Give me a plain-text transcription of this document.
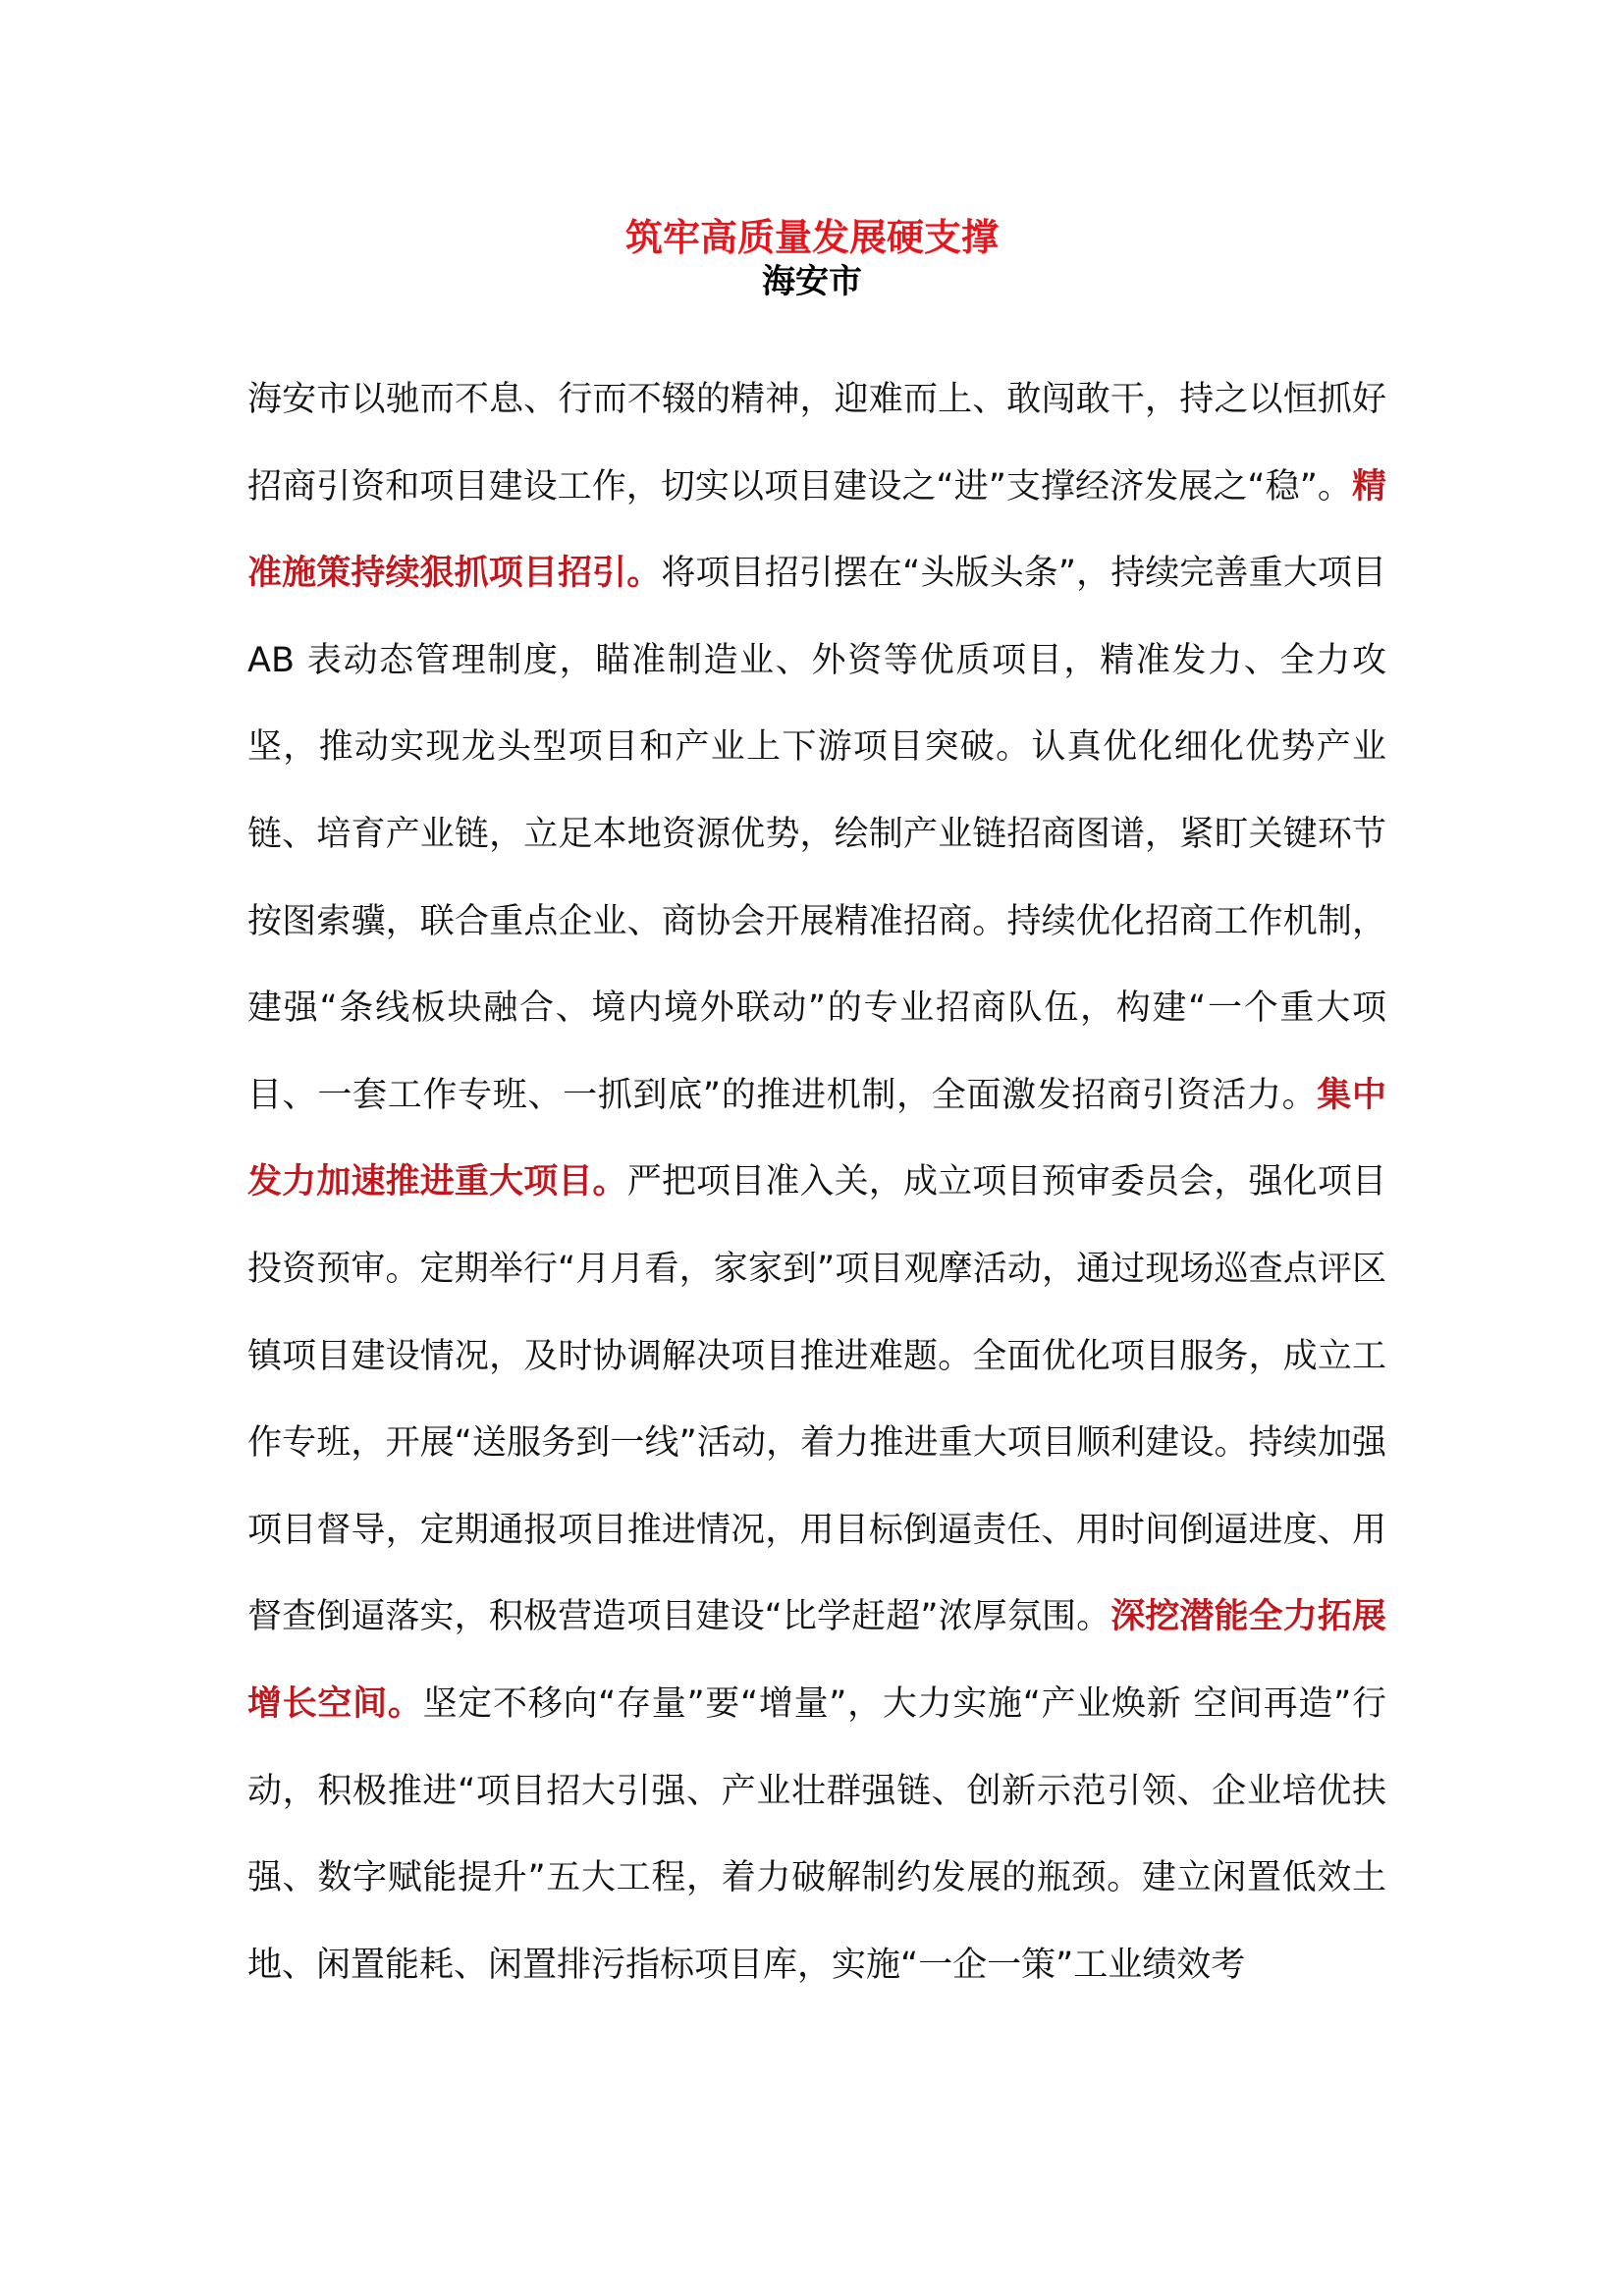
筑牢高质量发展硬支撑
海安市

海安市以驰而不息、行而不辍的精神，迎难而上、敢闯敢干，持之以恒抓好招商引资和项目建设工作，切实以项目建设之“进”支撑经济发展之“稳”。精准施策持续狠抓项目招引。将项目招引摆在“头版头条”，持续完善重大项目 AB 表动态管理制度，瞄准制造业、外资等优质项目，精准发力、全力攻坚，推动实现龙头型项目和产业上下游项目突破。认真优化细化优势产业链、培育产业链，立足本地资源优势，绘制产业链招商图谱，紧盯关键环节按图索骥，联合重点企业、商协会开展精准招商。持续优化招商工作机制，建强“条线板块融合、境内境外联动”的专业招商队伍，构建“一个重大项目、一套工作专班、一抓到底”的推进机制，全面激发招商引资活力。集中发力加速推进重大项目。严把项目准入关，成立项目预审委员会，强化项目投资预审。定期举行“月月看，家家到”项目观摩活动，通过现场巡查点评区镇项目建设情况，及时协调解决项目推进难题。全面优化项目服务，成立工作专班，开展“送服务到一线”活动，着力推进重大项目顺利建设。持续加强项目督导，定期通报项目推进情况，用目标倒逼责任、用时间倒逼进度、用督查倒逼落实，积极营造项目建设“比学赶超”浓厚氛围。深挖潜能全力拓展增长空间。坚定不移向“存量”要“增量”，大力实施“产业焕新 空间再造”行动，积极推进“项目招大引强、产业壮群强链、创新示范引领、企业培优扶强、数字赋能提升”五大工程，着力破解制约发展的瓶颈。建立闲置低效土地、闲置能耗、闲置排污指标项目库，实施“一企一策”工业绩效考
